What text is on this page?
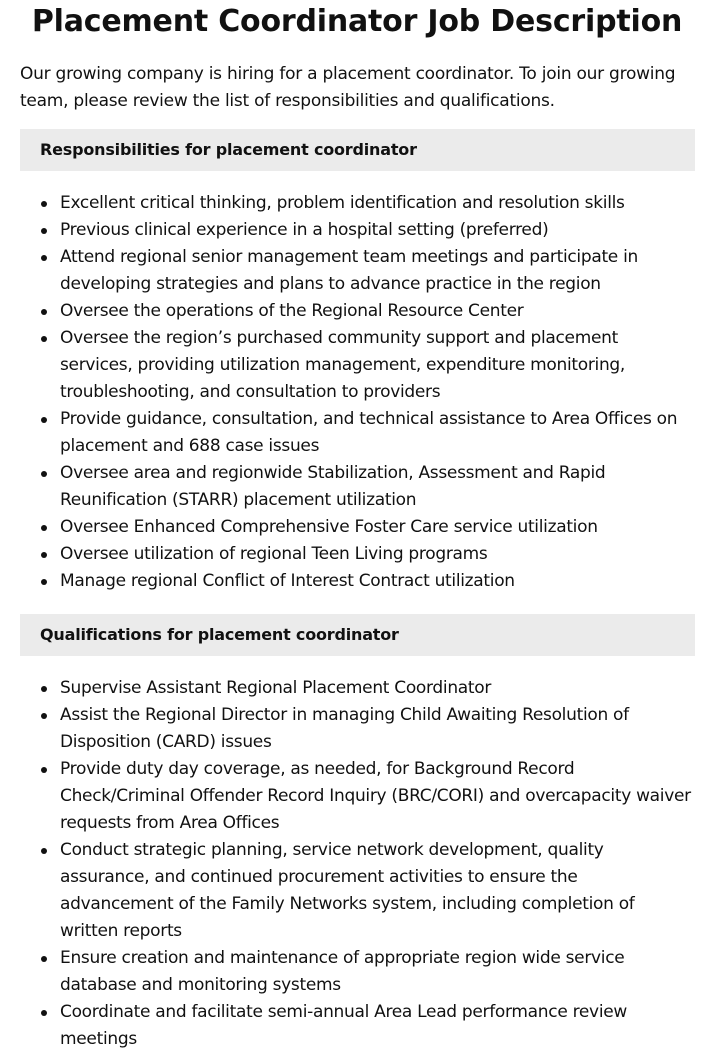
Placement Coordinator Job Description

Our growing company is hiring for a placement coordinator. To join our growing team, please review the list of responsibilities and qualifications.

Responsibilities for placement coordinator
Excellent critical thinking, problem identification and resolution skills
Previous clinical experience in a hospital setting (preferred)
Attend regional senior management team meetings and participate in developing strategies and plans to advance practice in the region
Oversee the operations of the Regional Resource Center
Oversee the region’s purchased community support and placement services, providing utilization management, expenditure monitoring, troubleshooting, and consultation to providers
Provide guidance, consultation, and technical assistance to Area Offices on placement and 688 case issues
Oversee area and regionwide Stabilization, Assessment and Rapid Reunification (STARR) placement utilization
Oversee Enhanced Comprehensive Foster Care service utilization
Oversee utilization of regional Teen Living programs
Manage regional Conflict of Interest Contract utilization
Qualifications for placement coordinator
Supervise Assistant Regional Placement Coordinator
Assist the Regional Director in managing Child Awaiting Resolution of Disposition (CARD) issues
Provide duty day coverage, as needed, for Background Record Check/Criminal Offender Record Inquiry (BRC/CORI) and overcapacity waiver requests from Area Offices
Conduct strategic planning, service network development, quality assurance, and continued procurement activities to ensure the advancement of the Family Networks system, including completion of written reports
Ensure creation and maintenance of appropriate region wide service database and monitoring systems
Coordinate and facilitate semi-annual Area Lead performance review meetings
